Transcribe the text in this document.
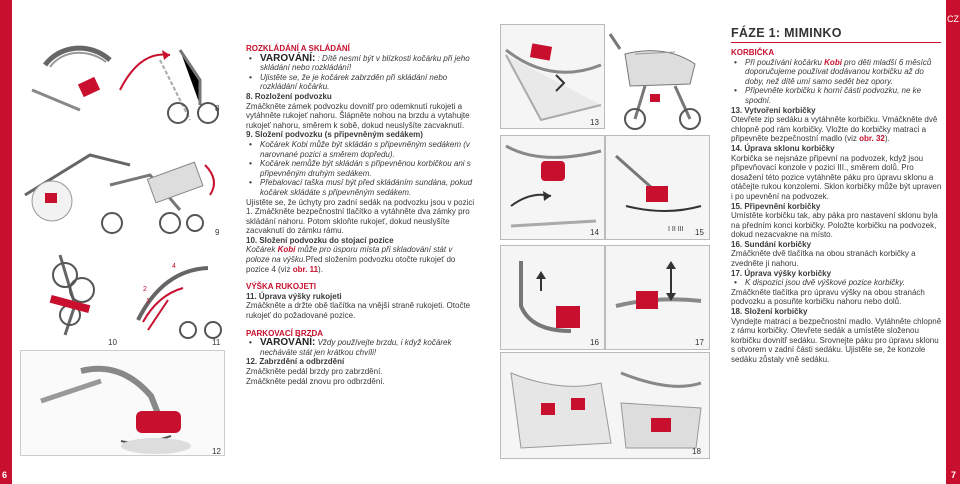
6
8
9
10
1
2
4
11
12
ROZKLÁDÁNÍ A SKLÁDÁNÍ
• VAROVÁNÍ: : Dítě nesmí být v blízkosti kočárku při jeho skládání nebo rozkládání!
• Ujistěte se, že je kočárek zabrzděn při skládání nebo rozkládání kočárku.
8. Rozložení podvozku
Zmáčkněte zámek podvozku dovnitř pro odemknutí rukojeti a vytáhněte rukojeť nahoru. Šlápněte nohou na brzdu a vytahujte rukojeť nahoru, směrem k sobě, dokud neuslyšíte zacvaknutí.
9. Složení podvozku (s připevněným sedákem)
• Kočárek Kobi může být skládán s připevněným sedákem (v narovnané pozici a směrem dopředu).
• Kočárek nemůže být skládán s připevněnou korbičkou ani s připevněným druhým sedákem.
• Přebalovací taška musí být před skládáním sundána, pokud kočárek skládáte s připevněným sedákem.
Ujistěte se, že úchyty pro zadní sedák na podvozku jsou v pozici 1. Zmáčkněte bezpečnostní tlačítko a vytáhněte dva zámky pro skládání nahoru. Potom skloňte rukojeť, dokud neuslyšíte zacvaknutí do zámku rámu.
10. Složení podvozku do stojací pozice
Kočárek Kobi může pro úsporu místa při skladování stát v poloze na výšku.Před složením podvozku otočte rukojeť do pozice 4 (viz obr. 11).
VÝŠKA RUKOJETI
11. Úprava výšky rukojeti
Zmáčkněte a držte obě tlačítka na vnější straně rukojeti. Otočte rukojeť do požadované pozice.
PARKOVACÍ BRZDA
• VAROVÁNÍ: Vždy používejte brzdu, i když kočárek necháváte stát jen krátkou chvíli!
12. Zabrzdění a odbrzdění
Zmáčkněte pedál brzdy pro zabrzdění.
Zmáčkněte pedál znovu pro odbrzdění.
CZ
7
13
14	I II III 15
16	17
18
FÁZE 1: MIMINKO
KORBIČKA
• Při používání kočárku Kobi pro děti mladší 6 měsíců doporučujeme používat dodávanou korbičku až do doby, než dítě umí samo sedět bez opory.
• Připevněte korbičku k horní části podvozku, ne ke spodní.
13. Vytvoření korbičky
Otevřete zip sedáku a vytáhněte korbičku. Vmáčkněte dvě chlopně pod rám korbičky. Vložte do korbičky matraci a připevněte bezpečnostní madlo (viz obr. 32).
14. Úprava sklonu korbičky
Korbička se nejsnáze připevní na podvozek, když jsou připevňovací konzole v pozici III., směrem dolů. Pro dosažení této pozice vytáhněte páku pro úpravu sklonu a otáčejte rukou konzolemi. Sklon korbičky může být upraven i po upevnění na podvozek.
15. Připevnění korbičky
Umístěte korbičku tak, aby páka pro nastavení sklonu byla na předním konci korbičky. Položte korbičku na podvozek, dokud nezacvakne na místo.
16. Sundání korbičky
Zmáčkněte dvě tlačítka na obou stranách korbičky a zvedněte ji nahoru.
17. Úprava výšky korbičky
• K dispozici jsou dvě výškové pozice korbičky.
Zmáčkněte tlačítka pro úpravu výšky na obou stranách podvozku a posuňte korbičku nahoru nebo dolů.
18. Složení korbičky
Vyndejte matraci a bezpečnostní madlo. Vytáhněte chlopně z rámu korbičky. Otevřete sedák a umístěte složenou korbičku dovnitř sedáku. Srovnejte páku pro úpravu sklonu s otvorem v zadní části sedáku. Ujistěte se, že konzole sedáku zůstaly vně sedáku.
